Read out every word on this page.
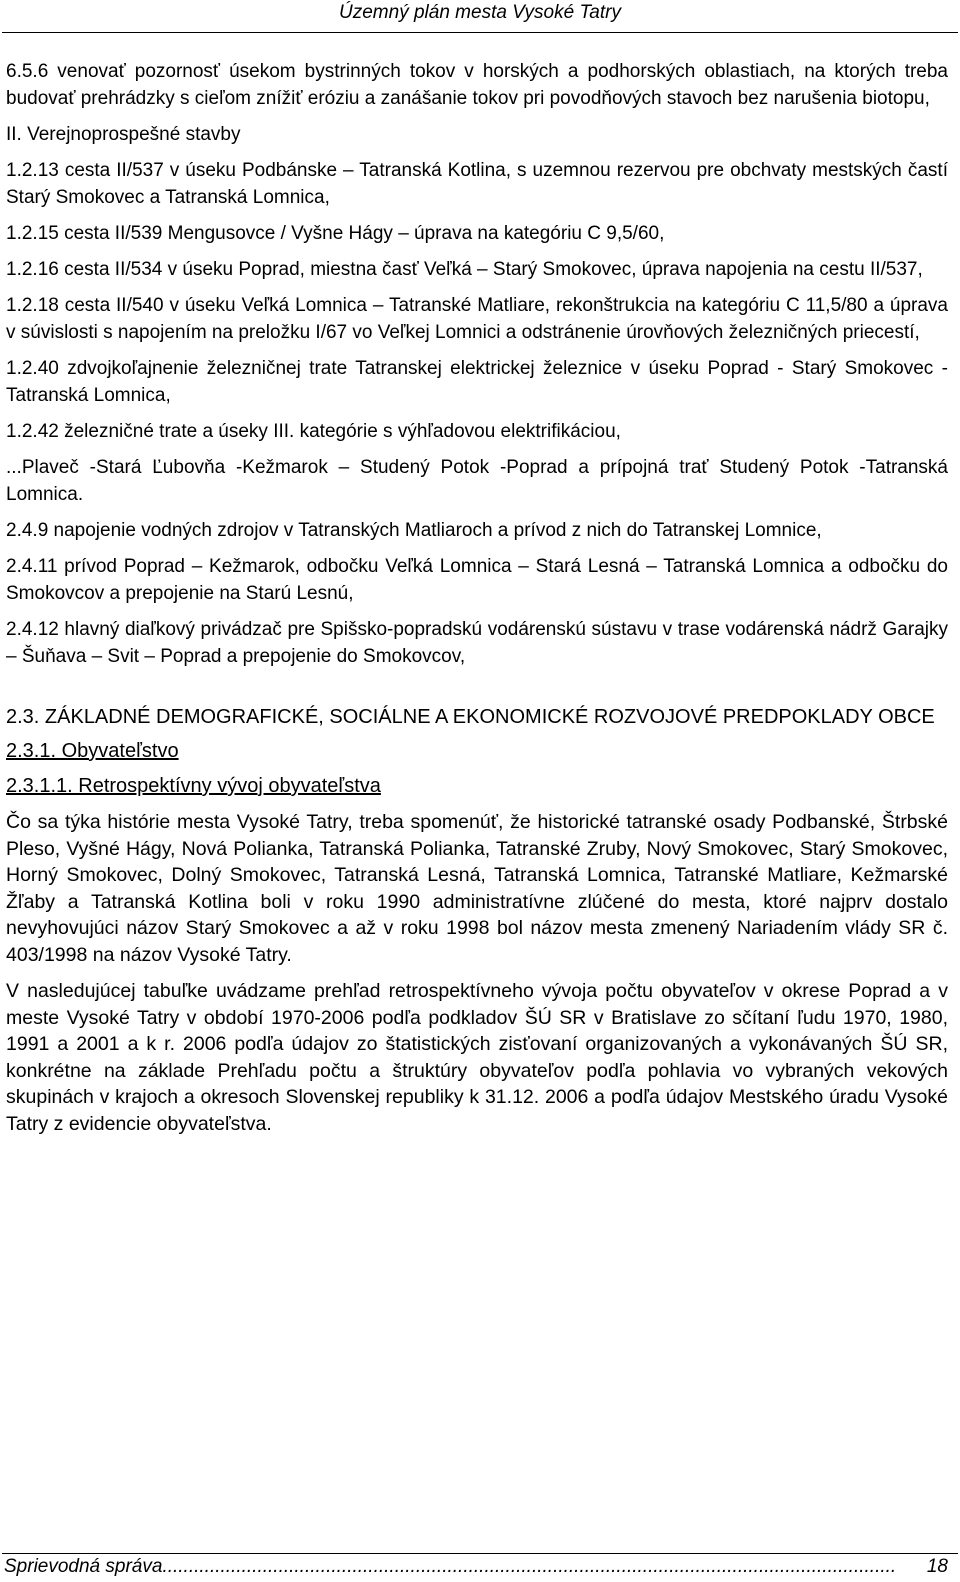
Územný plán mesta Vysoké Tatry

6.5.6 venovať pozornosť úsekom bystrinných tokov v horských a podhorských oblastiach, na ktorých treba budovať prehrádzky s cieľom znížiť eróziu a zanášanie tokov pri povodňových stavoch bez narušenia biotopu,

II. Verejnoprospešné stavby

1.2.13 cesta II/537 v úseku Podbánske – Tatranská Kotlina, s uzemnou rezervou pre obchvaty mestských častí Starý Smokovec a Tatranská Lomnica,

1.2.15 cesta II/539 Mengusovce / Vyšne Hágy – úprava na kategóriu C 9,5/60,

1.2.16 cesta II/534 v úseku Poprad, miestna časť Veľká – Starý Smokovec, úprava napojenia na cestu II/537,

1.2.18 cesta II/540 v úseku Veľká Lomnica – Tatranské Matliare, rekonštrukcia na kategóriu C 11,5/80 a úprava v súvislosti s napojením na preložku I/67 vo Veľkej Lomnici a odstránenie úrovňových železničných priecestí,

1.2.40 zdvojkoľajnenie železničnej trate Tatranskej elektrickej železnice v úseku Poprad - Starý Smokovec -Tatranská Lomnica,

1.2.42 železničné trate a úseky III. kategórie s výhľadovou elektrifikáciou,

...Plaveč -Stará Ľubovňa -Kežmarok – Studený Potok -Poprad a prípojná trať Studený Potok -Tatranská Lomnica.

2.4.9 napojenie vodných zdrojov v Tatranských Matliaroch a prívod z nich do Tatranskej Lomnice,

2.4.11 prívod Poprad – Kežmarok, odbočku Veľká Lomnica – Stará Lesná – Tatranská Lomnica a odbočku do Smokovcov a prepojenie na Starú Lesnú,

2.4.12 hlavný diaľkový privádzač pre Spišsko-popradskú vodárenskú sústavu v trase vodárenská nádrž Garajky – Šuňava – Svit – Poprad a prepojenie do Smokovcov,

2.3. ZÁKLADNÉ DEMOGRAFICKÉ, SOCIÁLNE A EKONOMICKÉ ROZVOJOVÉ PREDPOKLADY OBCE

2.3.1. Obyvateľstvo

2.3.1.1. Retrospektívny vývoj obyvateľstva

Čo sa týka histórie mesta Vysoké Tatry, treba spomenúť, že historické tatranské osady Podbanské, Štrbské Pleso, Vyšné Hágy, Nová Polianka, Tatranská Polianka, Tatranské Zruby, Nový Smokovec, Starý Smokovec, Horný Smokovec, Dolný Smokovec, Tatranská Lesná, Tatranská Lomnica, Tatranské Matliare, Kežmarské Žľaby a Tatranská Kotlina boli v roku 1990 administratívne zlúčené do mesta, ktoré najprv dostalo nevyhovujúci názov Starý Smokovec a až v roku 1998 bol názov mesta zmenený Nariadením vlády SR č. 403/1998 na názov Vysoké Tatry.

V nasledujúcej tabuľke uvádzame prehľad retrospektívneho vývoja počtu obyvateľov v okrese Poprad a v meste Vysoké Tatry v období 1970-2006 podľa podkladov ŠÚ SR v Bratislave zo sčítaní ľudu 1970, 1980, 1991 a 2001 a k r. 2006 podľa údajov zo štatistických zisťovaní organizovaných a vykonávaných ŠÚ SR, konkrétne na základe Prehľadu počtu a štruktúry obyvateľov podľa pohlavia vo vybraných vekových skupinách v krajoch a okresoch Slovenskej republiky k 31.12. 2006 a podľa údajov Mestského úradu Vysoké Tatry z evidencie obyvateľstva.

Sprievodná správa...........................................................................................................................................	18
